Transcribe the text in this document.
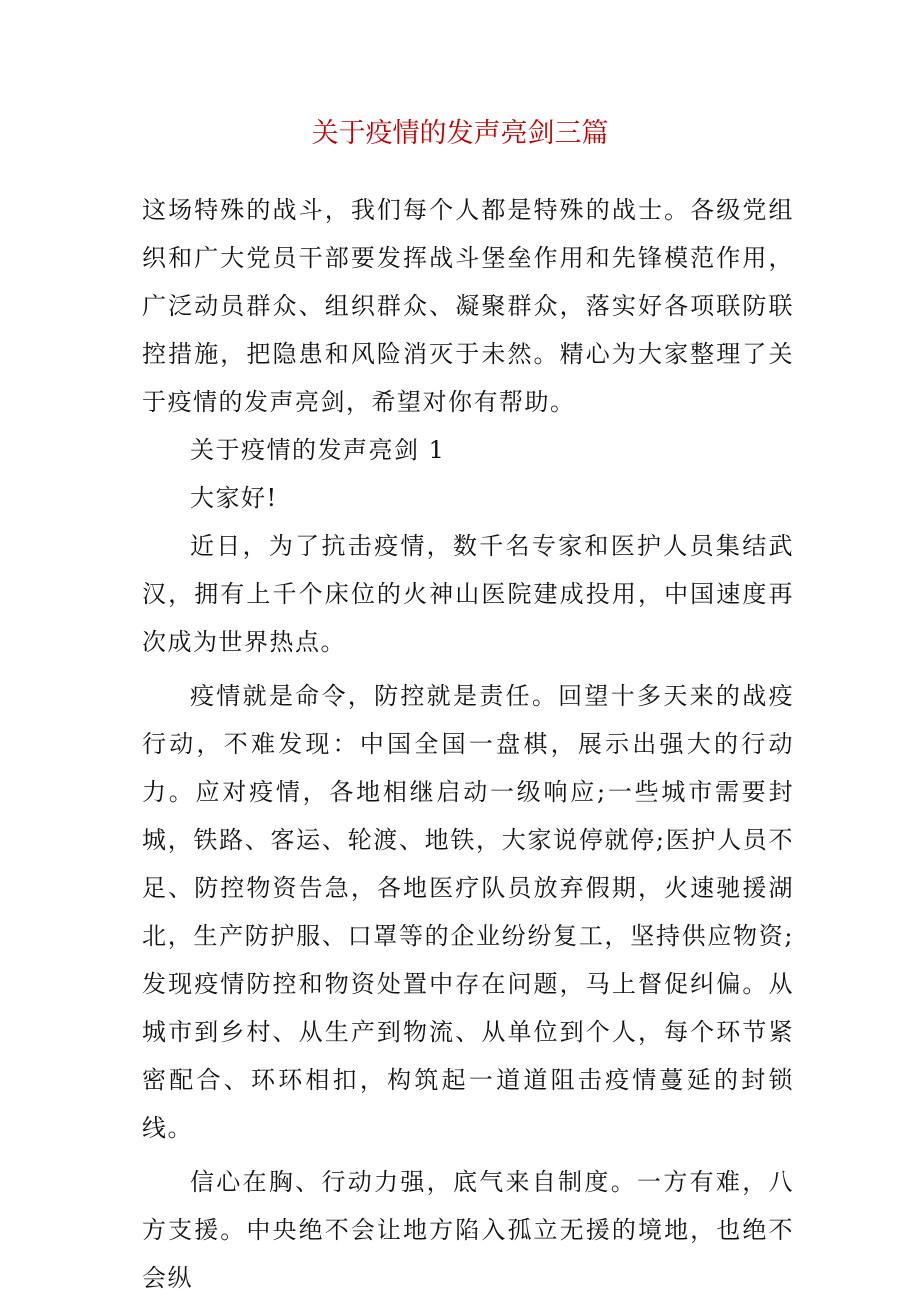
关于疫情的发声亮剑三篇

这场特殊的战斗，我们每个人都是特殊的战士。各级党组织和广大党员干部要发挥战斗堡垒作用和先锋模范作用，广泛动员群众、组织群众、凝聚群众，落实好各项联防联控措施，把隐患和风险消灭于未然。精心为大家整理了关于疫情的发声亮剑，希望对你有帮助。

关于疫情的发声亮剑 1

大家好!

近日，为了抗击疫情，数千名专家和医护人员集结武汉，拥有上千个床位的火神山医院建成投用，中国速度再次成为世界热点。

疫情就是命令，防控就是责任。回望十多天来的战疫行动，不难发现：中国全国一盘棋，展示出强大的行动力。应对疫情，各地相继启动一级响应;一些城市需要封城，铁路、客运、轮渡、地铁，大家说停就停;医护人员不足、防控物资告急，各地医疗队员放弃假期，火速驰援湖北，生产防护服、口罩等的企业纷纷复工，坚持供应物资;发现疫情防控和物资处置中存在问题，马上督促纠偏。从城市到乡村、从生产到物流、从单位到个人，每个环节紧密配合、环环相扣，构筑起一道道阻击疫情蔓延的封锁线。

信心在胸、行动力强，底气来自制度。一方有难，八方支援。中央绝不会让地方陷入孤立无援的境地，也绝不会纵
